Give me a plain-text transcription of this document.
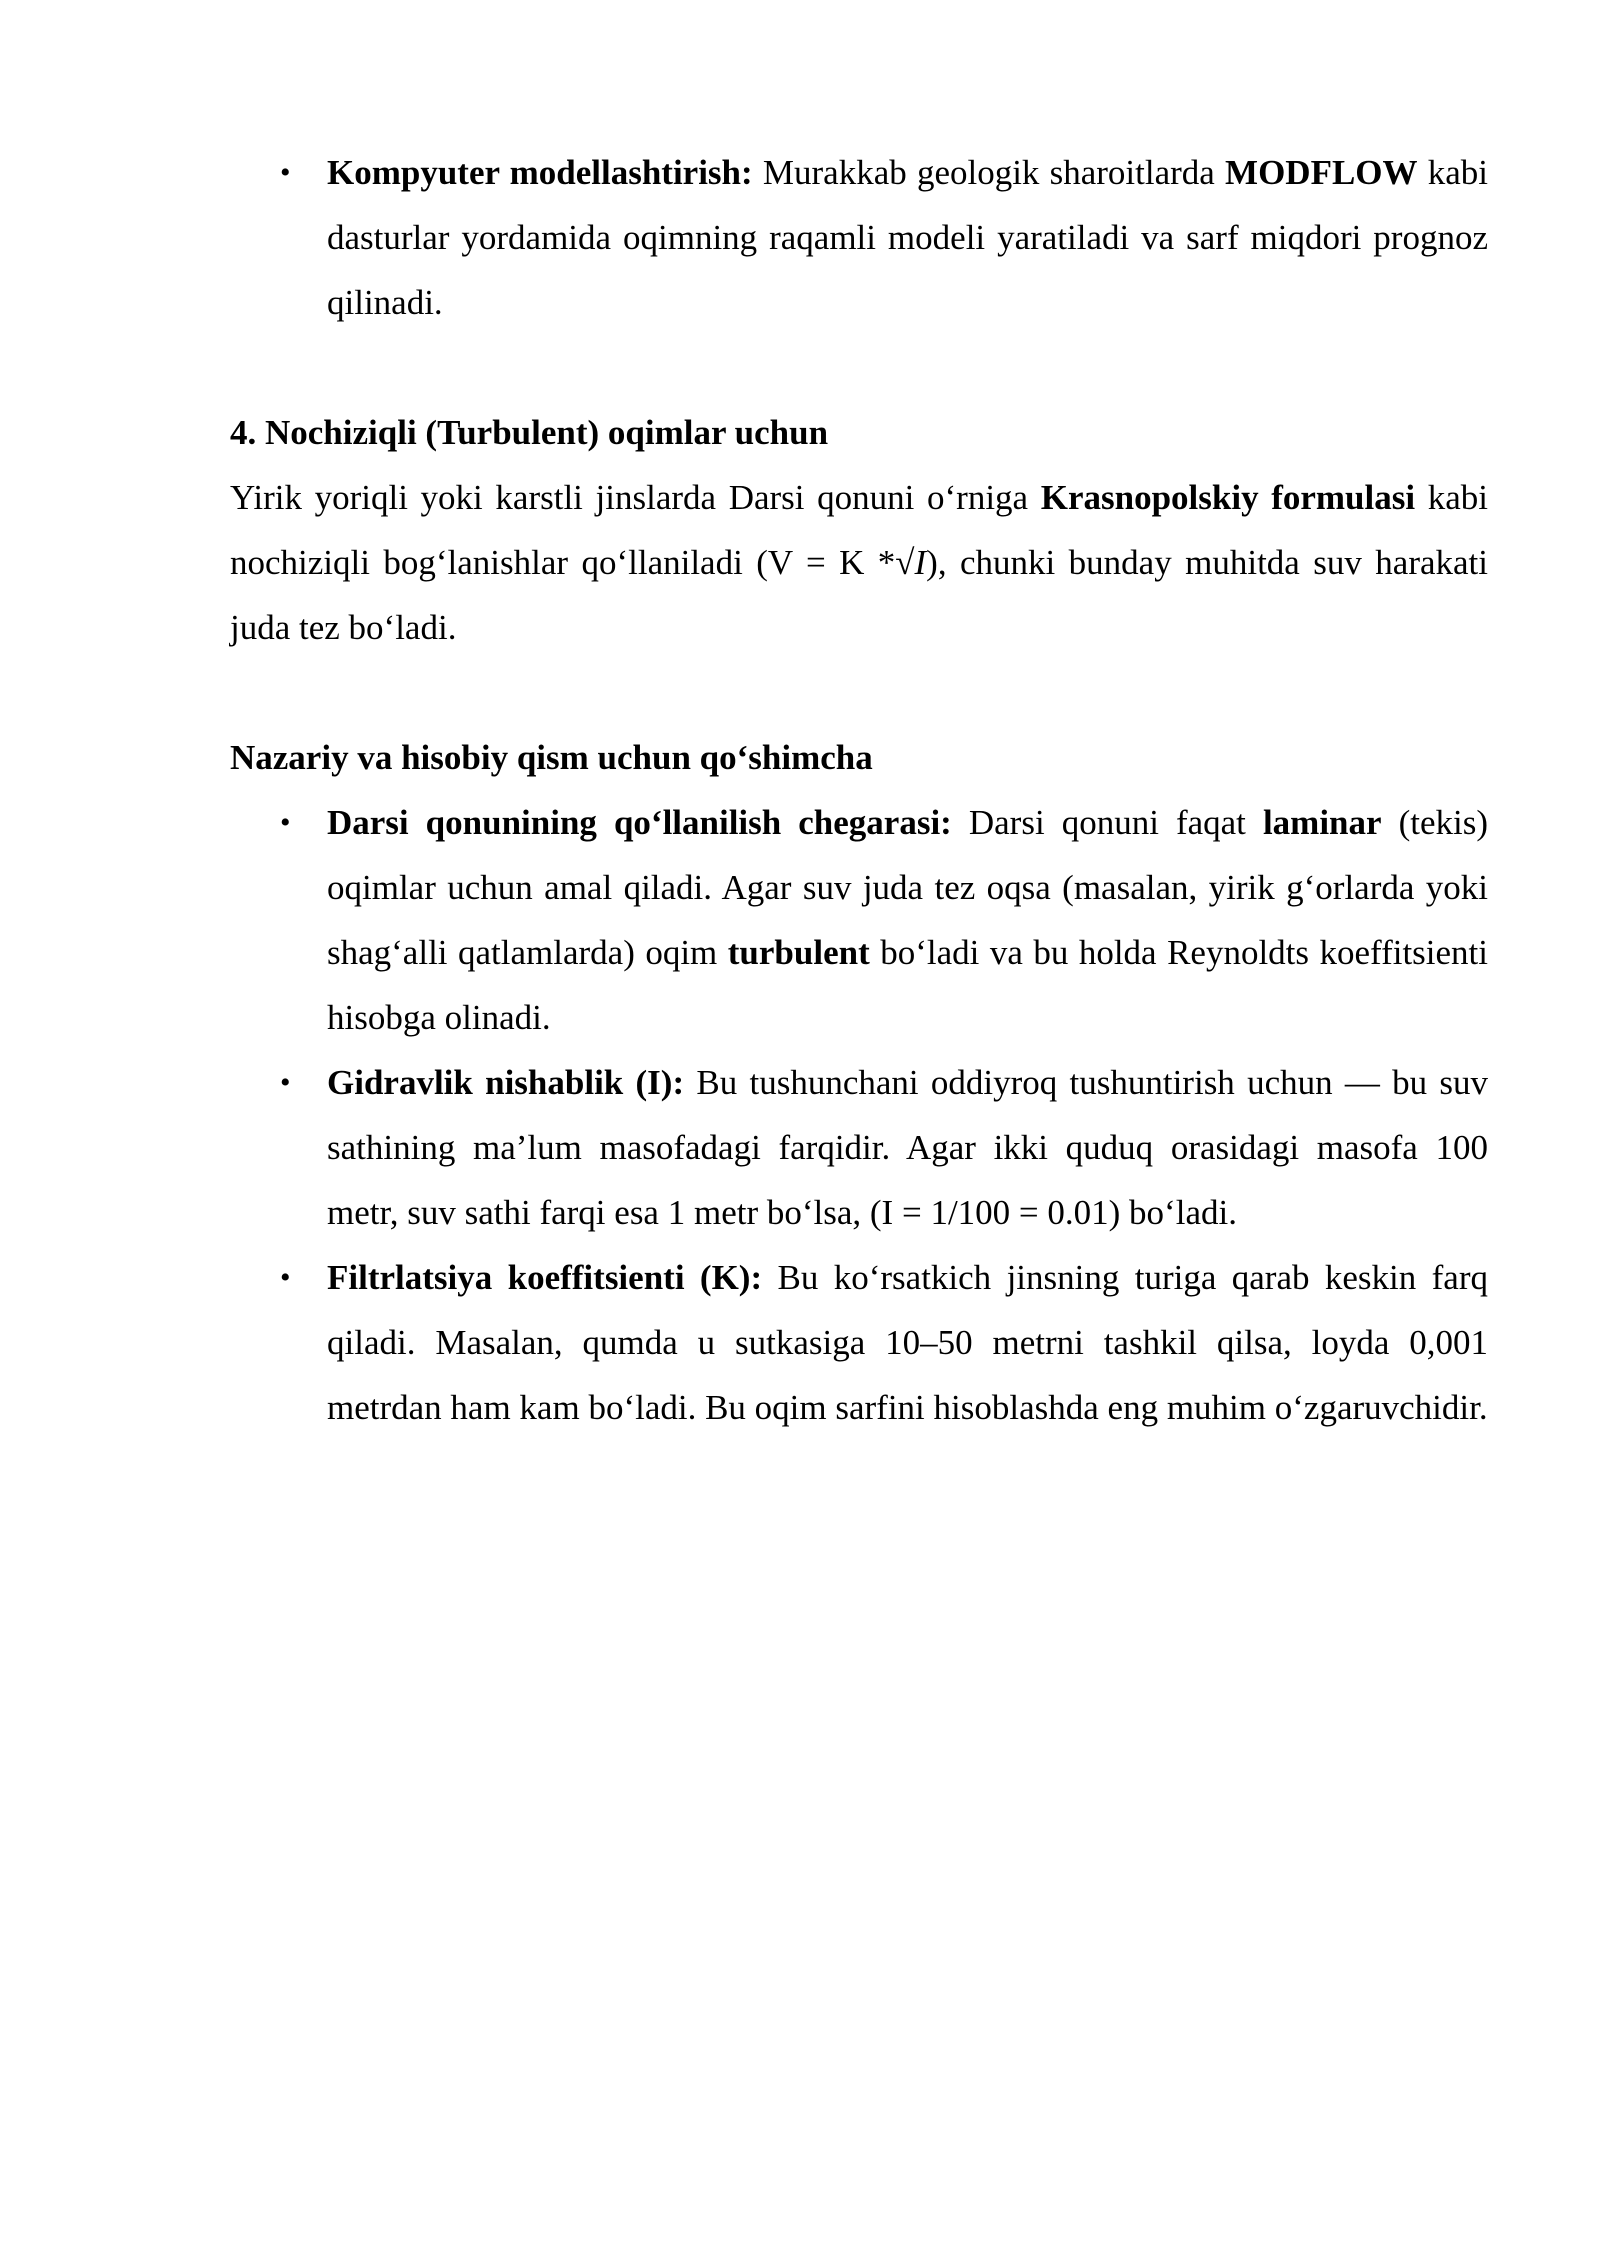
• Kompyuter modellashtirish: Murakkab geologik sharoitlarda MODFLOW kabi dasturlar yordamida oqimning raqamli modeli yaratiladi va sarf miqdori prognoz qilinadi.

4. Nochiziqli (Turbulent) oqimlar uchun

Yirik yoriqli yoki karstli jinslarda Darsi qonuni o‘rniga Krasnopolskiy formulasi kabi nochiziqli bog‘lanishlar qo‘llaniladi (V = K *√I), chunki bunday muhitda suv harakati juda tez bo‘ladi.

Nazariy va hisobiy qism uchun qo‘shimcha

• Darsi qonunining qo‘llanilish chegarasi: Darsi qonuni faqat laminar (tekis) oqimlar uchun amal qiladi. Agar suv juda tez oqsa (masalan, yirik g‘orlarda yoki shag‘alli qatlamlarda) oqim turbulent bo‘ladi va bu holda Reynoldts koeffitsienti hisobga olinadi.
• Gidravlik nishablik (I): Bu tushunchani oddiyroq tushuntirish uchun — bu suv sathining ma’lum masofadagi farqidir. Agar ikki quduq orasidagi masofa 100 metr, suv sathi farqi esa 1 metr bo‘lsa, (I = 1/100 = 0.01) bo‘ladi.
• Filtrlatsiya koeffitsienti (K): Bu ko‘rsatkich jinsning turiga qarab keskin farq qiladi. Masalan, qumda u sutkasiga 10–50 metrni tashkil qilsa, loyda 0,001 metrdan ham kam bo‘ladi. Bu oqim sarfini hisoblashda eng muhim o‘zgaruvchidir.
